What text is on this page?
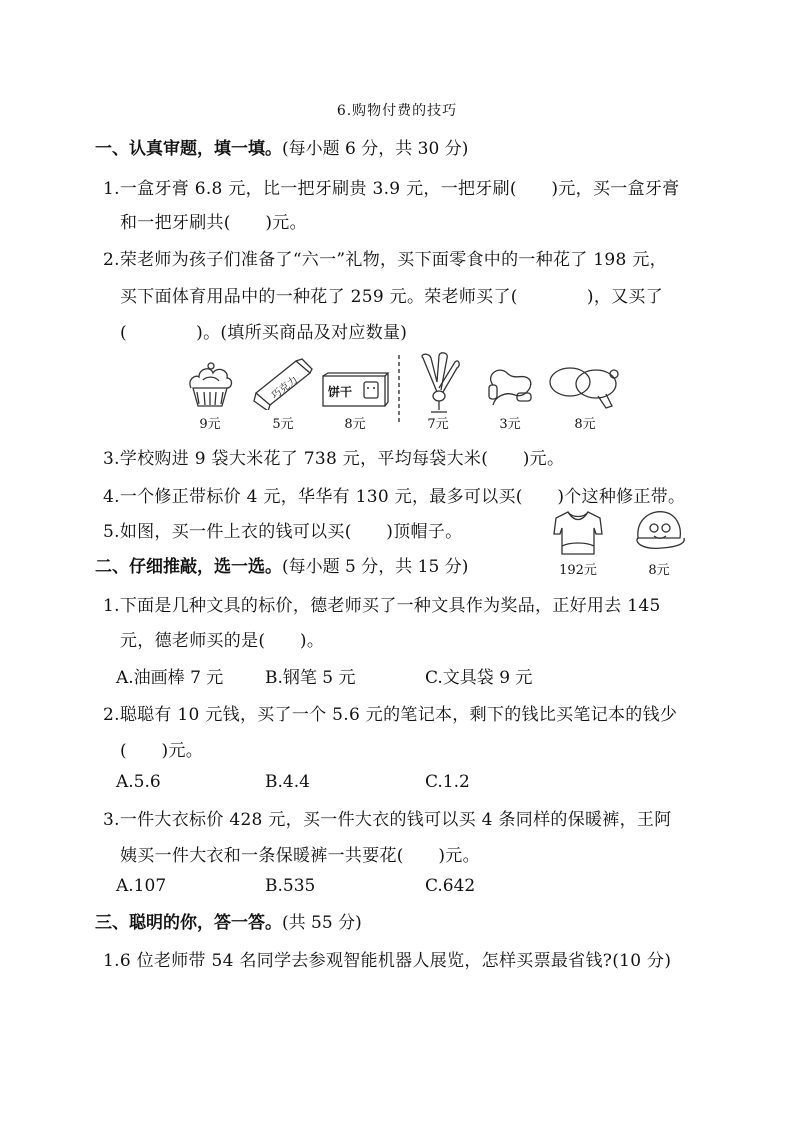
6.购物付费的技巧
一、认真审题，填一填。(每小题 6 分，共 30 分)
1.一盒牙膏 6.8 元，比一把牙刷贵 3.9 元，一把牙刷(　　)元，买一盒牙膏
和一把牙刷共(　　)元。
2.荣老师为孩子们准备了“六一”礼物，买下面零食中的一种花了 198 元，
买下面体育用品中的一种花了 259 元。荣老师买了(　　　　)，又买了
(　　　　)。(填所买商品及对应数量)
9元
巧克力
5元
饼干
8元	7元	3元	8元
3.学校购进 9 袋大米花了 738 元，平均每袋大米(　　)元。
4.一个修正带标价 4 元，华华有 130 元，最多可以买(　　)个这种修正带。
5.如图，买一件上衣的钱可以买(　　)顶帽子。
192元	8元
二、仔细推敲，选一选。(每小题 5 分，共 15 分)
1.下面是几种文具的标价，德老师买了一种文具作为奖品，正好用去 145
元，德老师买的是(　　)。
A.油画棒 7 元 B.钢笔 5 元	C.文具袋 9 元
2.聪聪有 10 元钱，买了一个 5.6 元的笔记本，剩下的钱比买笔记本的钱少
(　　)元。
A.5.6	B.4.4	C.1.2
3.一件大衣标价 428 元，买一件大衣的钱可以买 4 条同样的保暖裤，王阿
姨买一件大衣和一条保暖裤一共要花(　　)元。
A.107	B.535	C.642
三、聪明的你，答一答。(共 55 分)
1.6 位老师带 54 名同学去参观智能机器人展览，怎样买票最省钱?(10 分)
